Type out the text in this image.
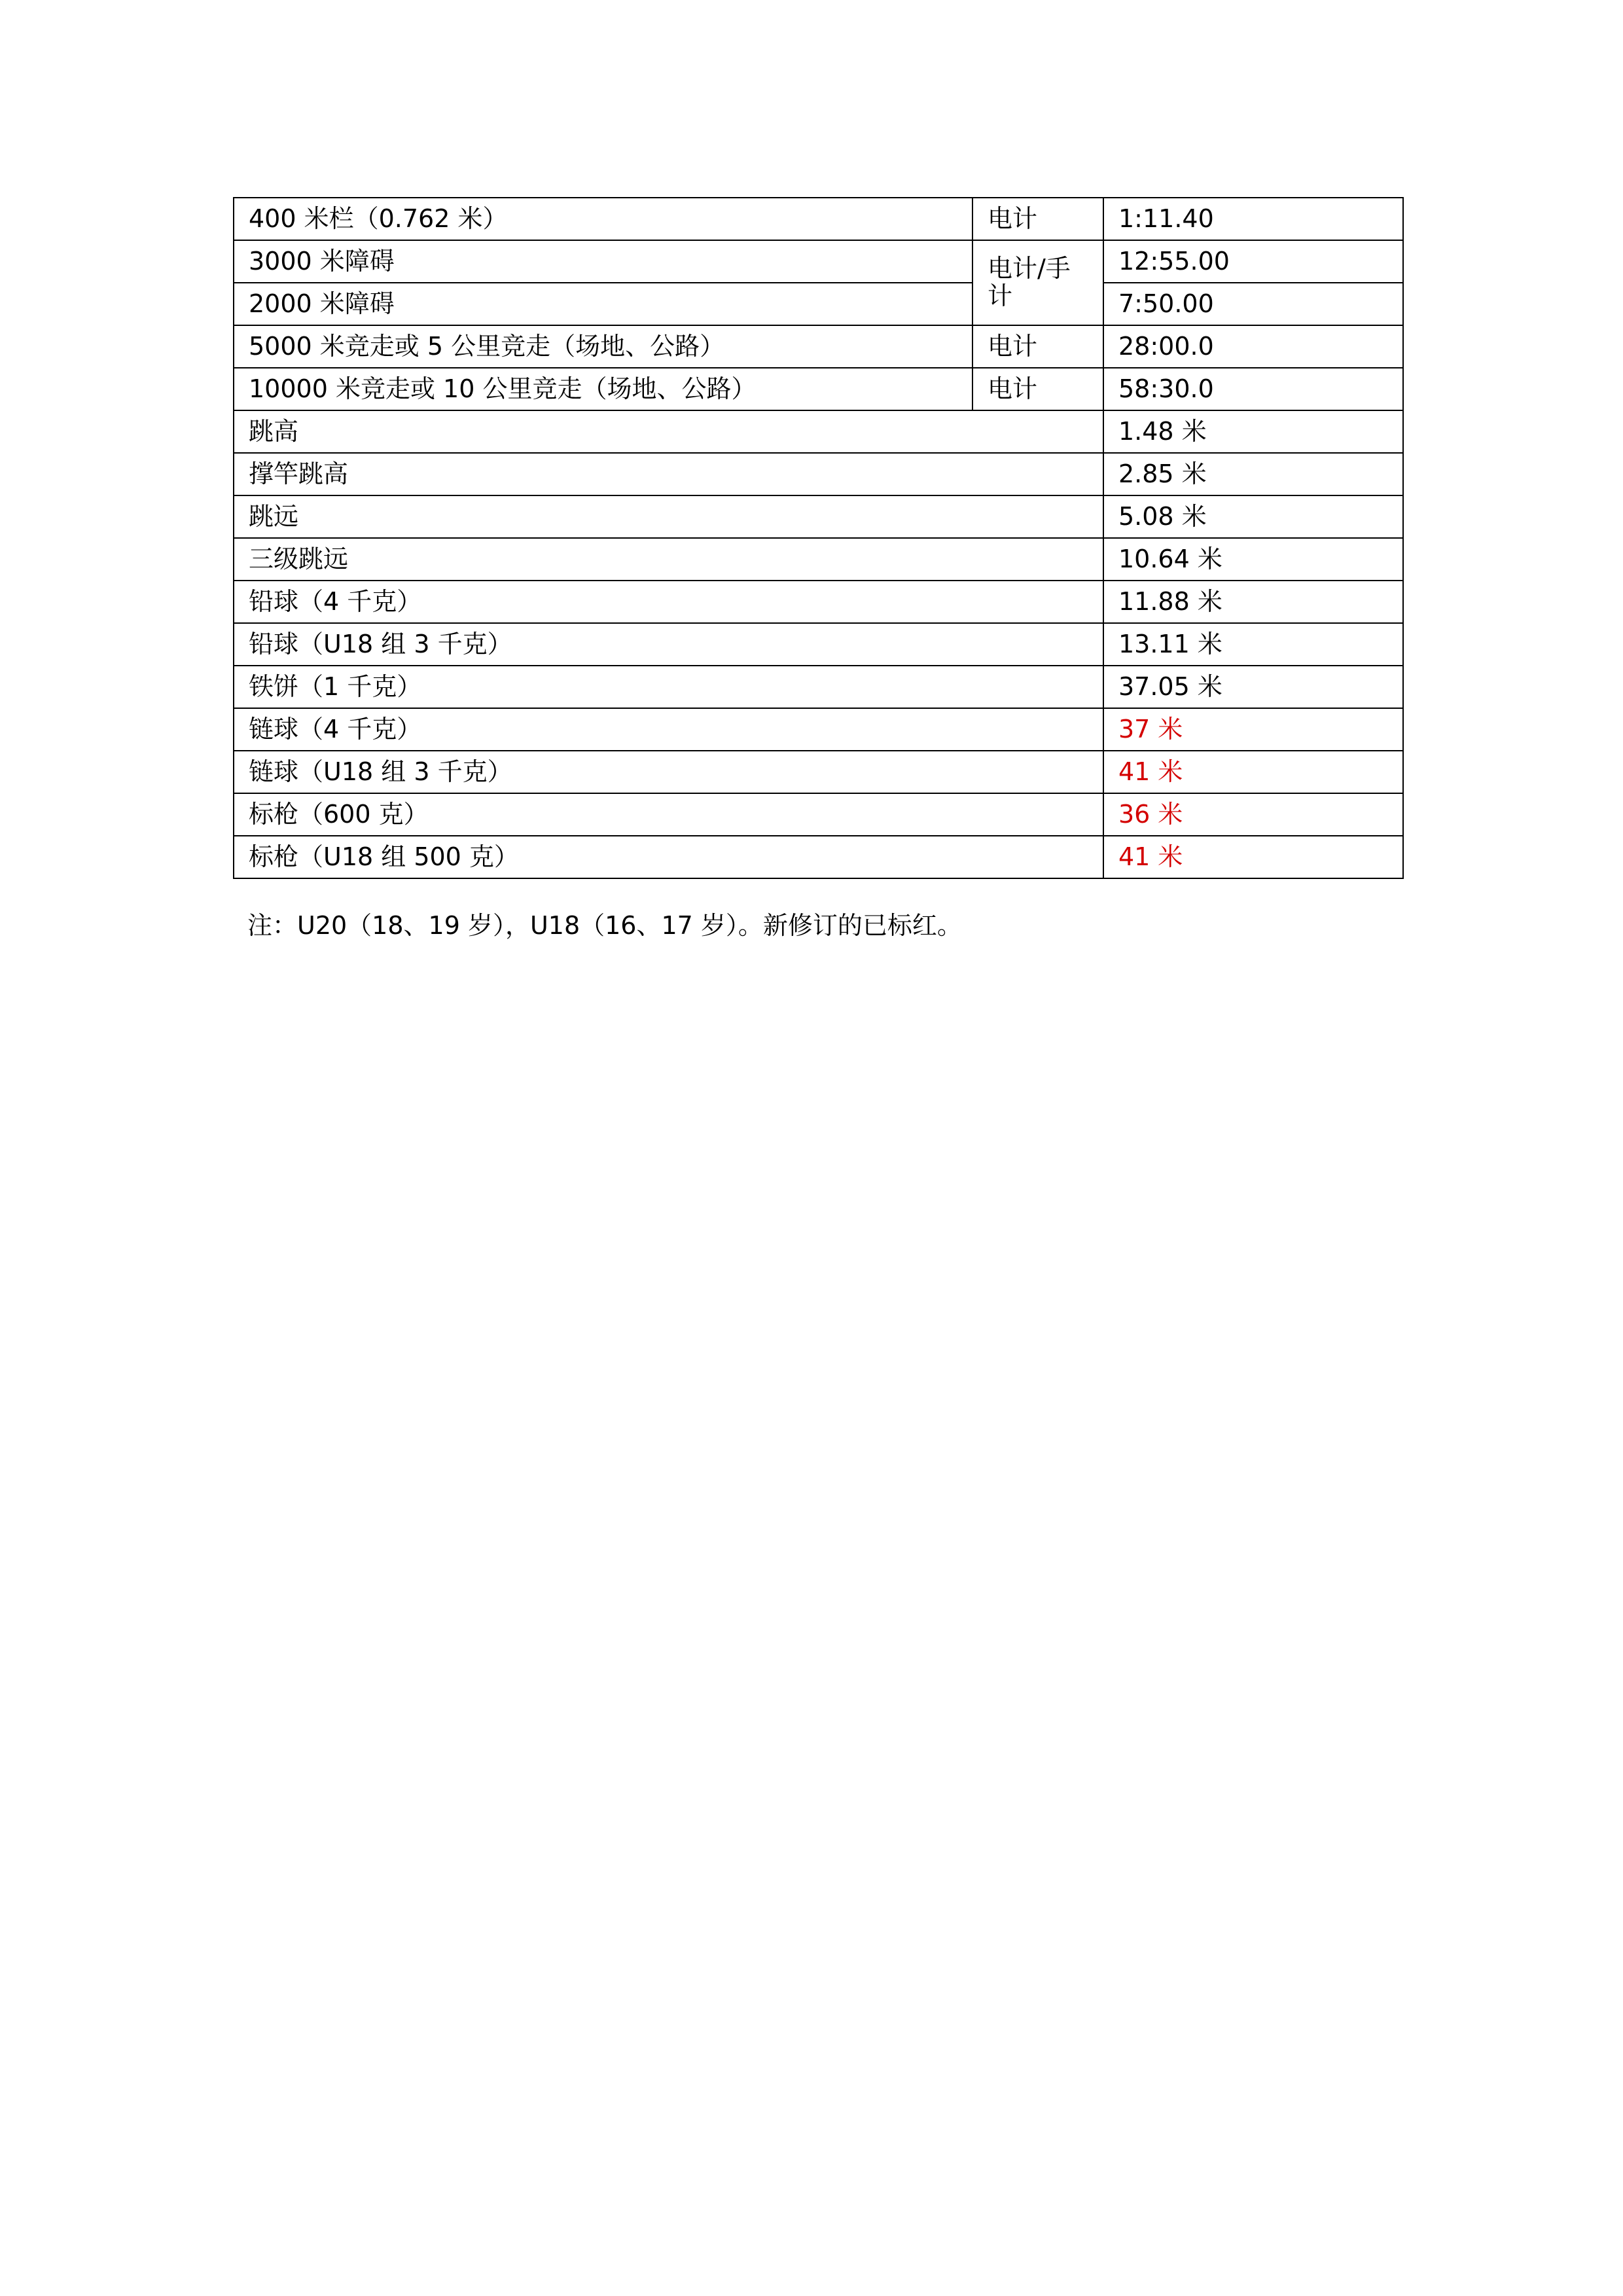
400 米栏（0.762 米）	电计	1:11.40
3000 米障碍	电计/手计	12:55.00
2000 米障碍		7:50.00
5000 米竞走或 5 公里竞走（场地、公路）	电计	28:00.0
10000 米竞走或 10 公里竞走（场地、公路）	电计	58:30.0
跳高		1.48 米
撑竿跳高		2.85 米
跳远		5.08 米
三级跳远		10.64 米
铅球（4 千克）		11.88 米
铅球（U18 组 3 千克）		13.11 米
铁饼（1 千克）		37.05 米
链球（4 千克）		37 米
链球（U18 组 3 千克）		41 米
标枪（600 克）		36 米
标枪（U18 组 500 克）		41 米
注：U20（18、19 岁），U18（16、17 岁）。新修订的已标红。
